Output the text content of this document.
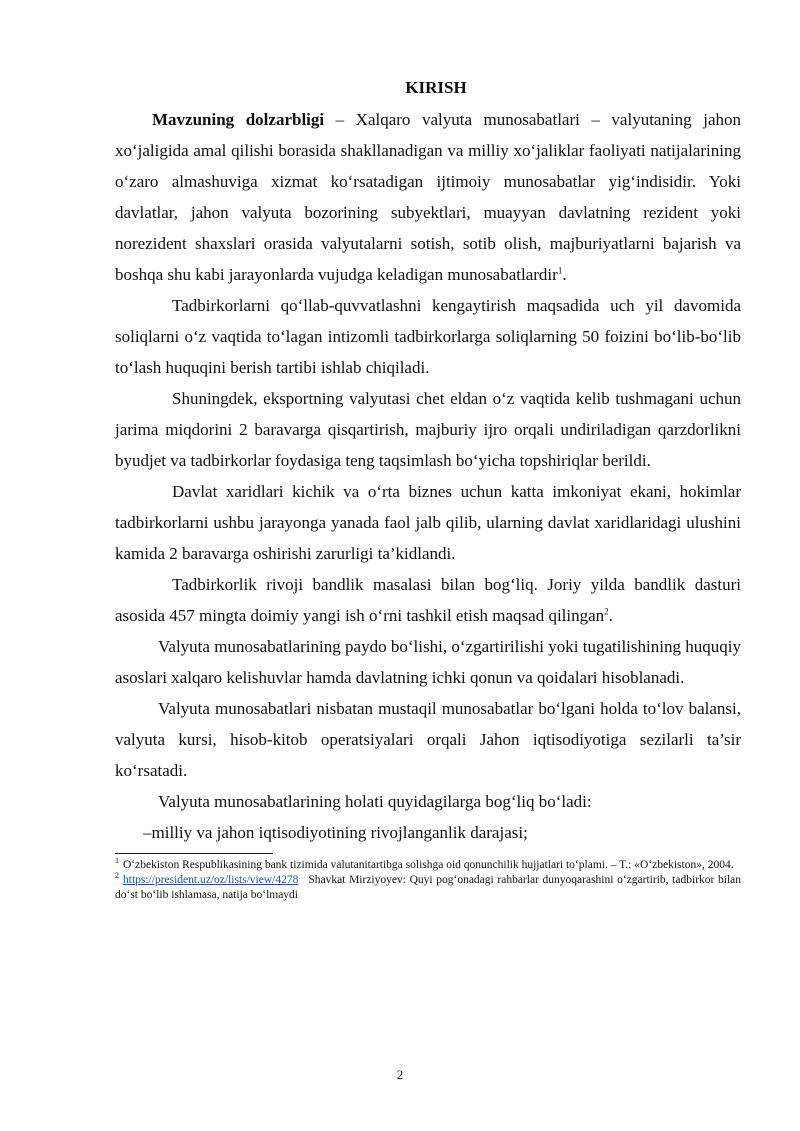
KIRISH

Mavzuning dolzarbligi – Xalqaro valyuta munosabatlari – valyutaning jahon xo‘jaligida amal qilishi borasida shakllanadigan va milliy xo‘jaliklar faoliyati natijalarining o‘zaro almashuviga xizmat ko‘rsatadigan ijtimoiy munosabatlar yig‘indisidir. Yoki davlatlar, jahon valyuta bozorining subyektlari, muayyan davlatning rezident yoki norezident shaxslari orasida valyutalarni sotish, sotib olish, majburiyatlarni bajarish va boshqa shu kabi jarayonlarda vujudga keladigan munosabatlardir$^1$.

Tadbirkorlarni qo‘llab-quvvatlashni kengaytirish maqsadida uch yil davomida soliqlarni o‘z vaqtida to‘lagan intizomli tadbirkorlarga soliqlarning 50 foizini bo‘lib-bo‘lib to‘lash huquqini berish tartibi ishlab chiqiladi.

Shuningdek, eksportning valyutasi chet eldan o‘z vaqtida kelib tushmagani uchun jarima miqdorini 2 baravarga qisqartirish, majburiy ijro orqali undiriladigan qarzdorlikni byudjet va tadbirkorlar foydasiga teng taqsimlash bo‘yicha topshiriqlar berildi.

Davlat xaridlari kichik va o‘rta biznes uchun katta imkoniyat ekani, hokimlar tadbirkorlarni ushbu jarayonga yanada faol jalb qilib, ularning davlat xaridlaridagi ulushini kamida 2 baravarga oshirishi zarurligi ta’kidlandi.

Tadbirkorlik rivoji bandlik masalasi bilan bog‘liq. Joriy yilda bandlik dasturi asosida 457 mingta doimiy yangi ish o‘rni tashkil etish maqsad qilingan$^2$.

Valyuta munosabatlarining paydo bo‘lishi, o‘zgartirilishi yoki tugatilishining huquqiy asoslari xalqaro kelishuvlar hamda davlatning ichki qonun va qoidalari hisoblanadi.

Valyuta munosabatlari nisbatan mustaqil munosabatlar bo‘lgani holda to‘lov balansi, valyuta kursi, hisob-kitob operatsiyalari orqali Jahon iqtisodiyotiga sezilarli ta’sir ko‘rsatadi.

Valyuta munosabatlarining holati quyidagilarga bog‘liq bo‘ladi:

–milliy va jahon iqtisodiyotining rivojlanganlik darajasi;

$^1$ O‘zbekiston Respublikasining bank tizimida valutanitartibga solishga oid qonunchilik hujjatlari to‘plami. – T.: «O‘zbekiston», 2004.

$^2$ https://president.uz/oz/lists/view/4278 Shavkat Mirziyoyev: Quyi pog‘onadagi rahbarlar dunyoqarashini o‘zgartirib, tadbirkor bilan do‘st bo‘lib ishlamasa, natija bo‘lmaydi

2
